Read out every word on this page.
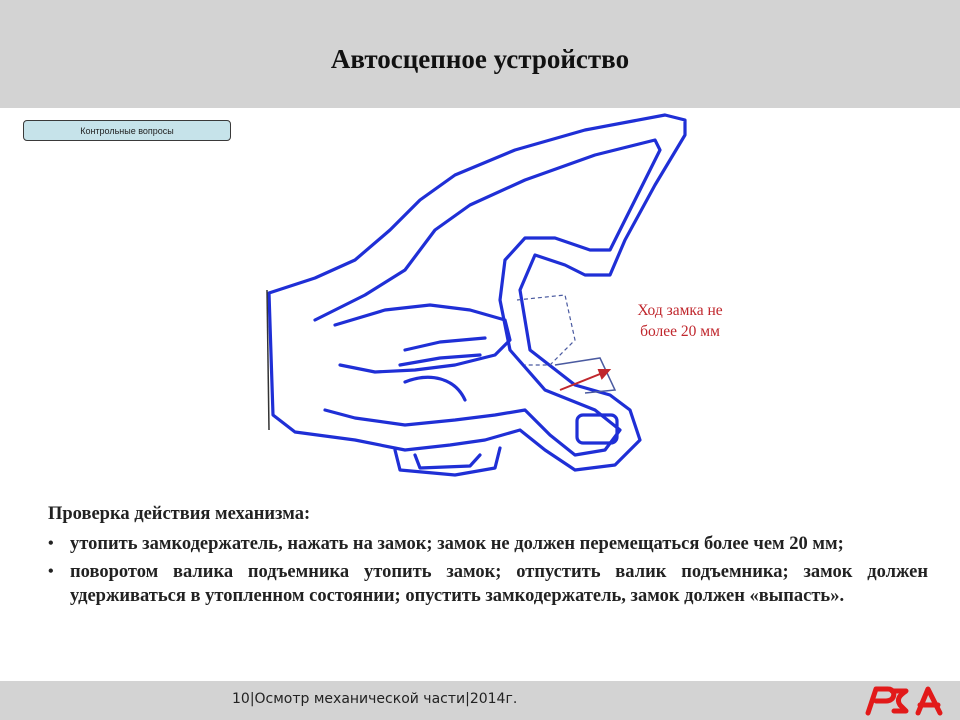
Автосцепное устройство
Контрольные вопросы
Ход замка не
более 20 мм
Проверка действия механизма:
• утопить замкодержатель, нажать на замок; замок не должен перемещаться более чем 20 мм;
• поворотом валика подъемника утопить замок; отпустить валик подъемника; замок должен удерживаться в утопленном состоянии; опустить замкодержатель, замок должен «выпасть».
10|Осмотр механической части|2014г.
